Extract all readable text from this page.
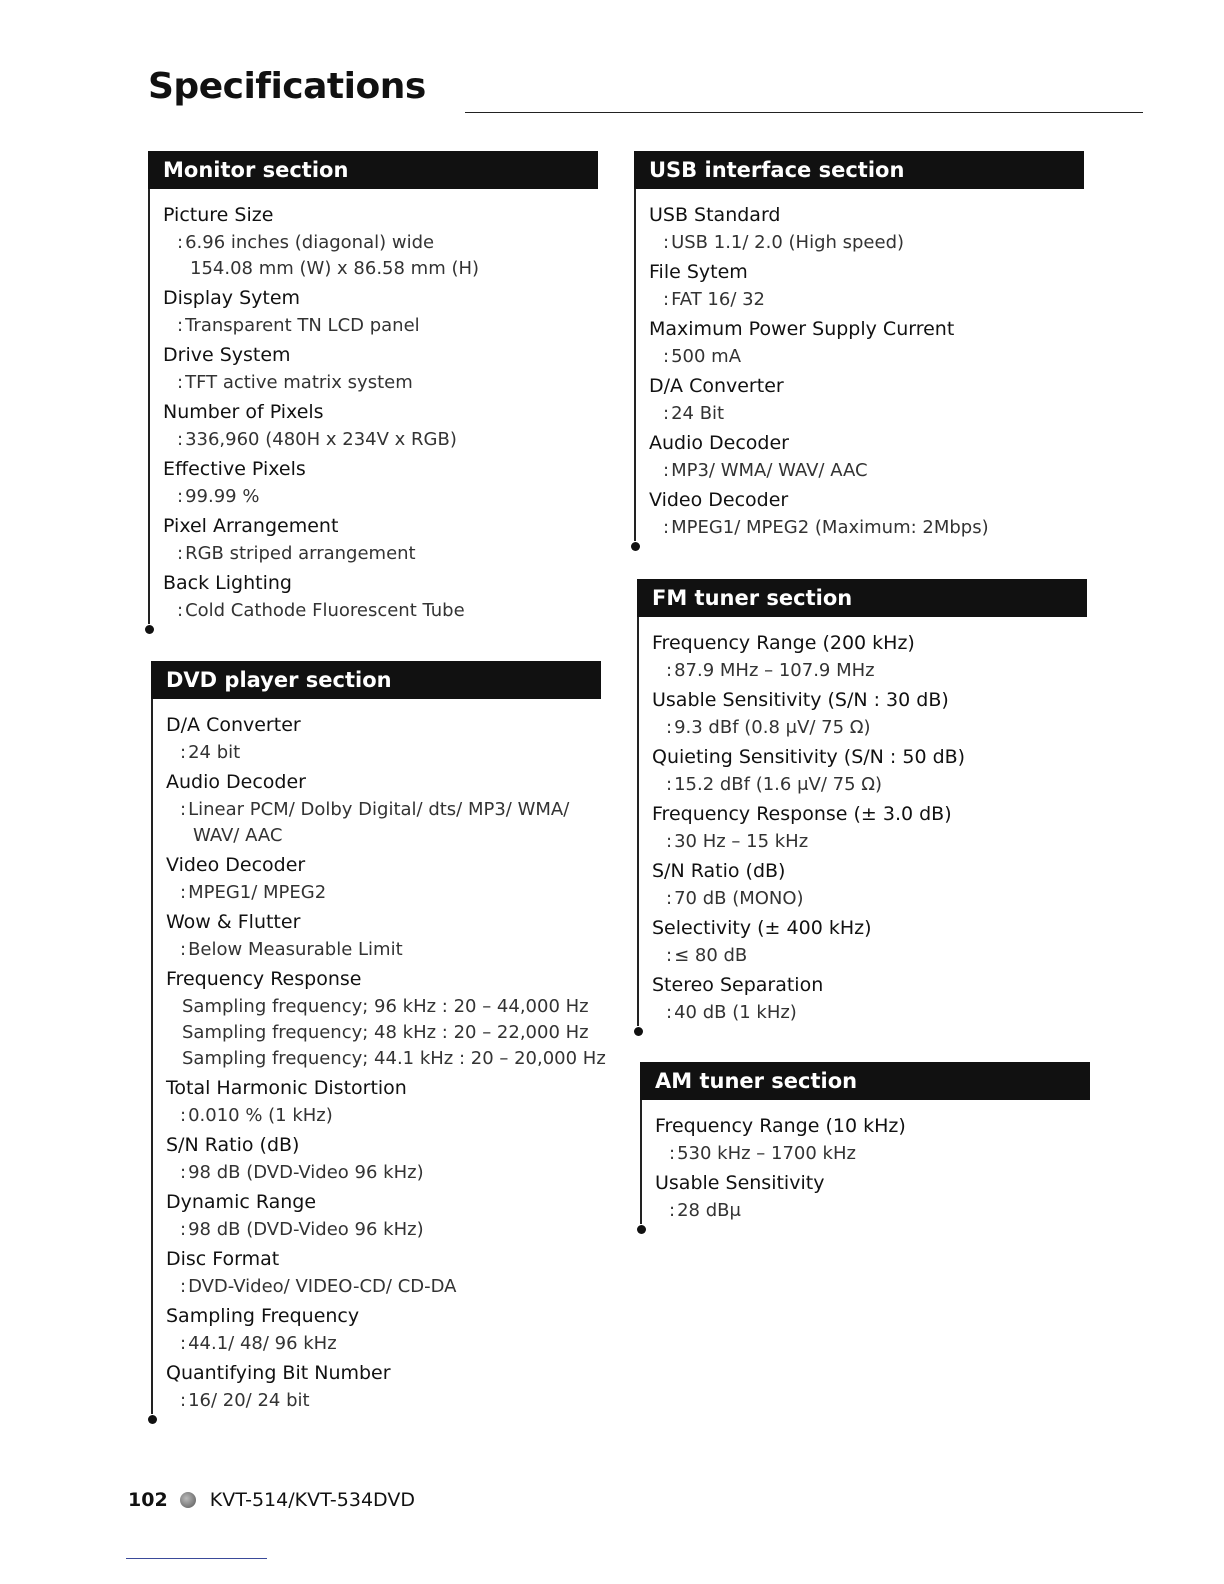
Specifications
Monitor section
Picture Size
: 6.96 inches (diagonal) wide
154.08 mm (W) x 86.58 mm (H)
Display Sytem
: Transparent TN LCD panel
Drive System
: TFT active matrix system
Number of Pixels
: 336,960 (480H x 234V x RGB)
Effective Pixels
: 99.99 %
Pixel Arrangement
: RGB striped arrangement
Back Lighting
: Cold Cathode Fluorescent Tube
DVD player section
D/A Converter
: 24 bit
Audio Decoder
: Linear PCM/ Dolby Digital/ dts/ MP3/ WMA/
WAV/ AAC
Video Decoder
: MPEG1/ MPEG2
Wow & Flutter
: Below Measurable Limit
Frequency Response
Sampling frequency; 96 kHz : 20 – 44,000 Hz
Sampling frequency; 48 kHz : 20 – 22,000 Hz
Sampling frequency; 44.1 kHz : 20 – 20,000 Hz
Total Harmonic Distortion
: 0.010 % (1 kHz)
S/N Ratio (dB)
: 98 dB (DVD-Video 96 kHz)
Dynamic Range
: 98 dB (DVD-Video 96 kHz)
Disc Format
: DVD-Video/ VIDEO-CD/ CD-DA
Sampling Frequency
: 44.1/ 48/ 96 kHz
Quantifying Bit Number
: 16/ 20/ 24 bit
USB interface section
USB Standard
: USB 1.1/ 2.0 (High speed)
File Sytem
: FAT 16/ 32
Maximum Power Supply Current
: 500 mA
D/A Converter
: 24 Bit
Audio Decoder
: MP3/ WMA/ WAV/ AAC
Video Decoder
: MPEG1/ MPEG2 (Maximum: 2Mbps)
FM tuner section
Frequency Range (200 kHz)
: 87.9 MHz – 107.9 MHz
Usable Sensitivity (S/N : 30 dB)
: 9.3 dBf (0.8 μV/ 75 Ω)
Quieting Sensitivity (S/N : 50 dB)
: 15.2 dBf (1.6 μV/ 75 Ω)
Frequency Response (± 3.0 dB)
: 30 Hz – 15 kHz
S/N Ratio (dB)
: 70 dB (MONO)
Selectivity (± 400 kHz)
: ≤ 80 dB
Stereo Separation
: 40 dB (1 kHz)
AM tuner section
Frequency Range (10 kHz)
: 530 kHz – 1700 kHz
Usable Sensitivity
: 28 dBμ
102 KVT-514/KVT-534DVD
